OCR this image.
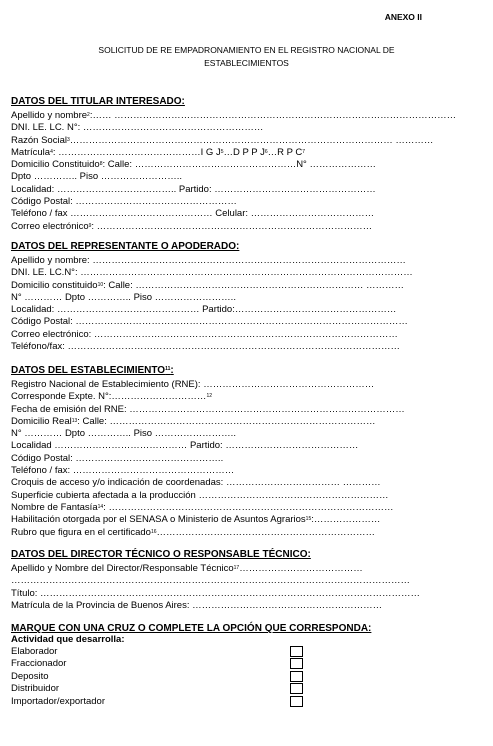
ANEXO II
SOLICITUD DE RE EMPADRONAMIENTO EN EL REGISTRO NACIONAL DE
ESTABLECIMIENTOS
DATOS DEL TITULAR INTERESADO:
Apellido y nombre$^2$:…… ………………………………………………………………………………………………
DNI. LE. LC. N°: …………………………………………………
Razón Social$^3$………………………………………………………………………………………… …………
Matrícula$^4$: ………………………………………I G $J^5\dots D$ P P $J^6\dots R$ P $C^7$
Domicilio Constituido$^8$: Calle: ……………………………………………N° …………………
Dpto ………….. Piso ……………………..
Localidad: ……………………………….. Partido: ……………………………………………
Código Postal: ……………………………………………
Teléfono / fax ……………………………………… Celular: …………………………………
Correo electrónico$^9$: ……………………………………………………………………………
DATOS DEL REPRESENTANTE O APODERADO:
Apellido y nombre: ………………………………………………………………………………………
DNI. LE. LC.N°: ……………………………………………………………………………………………
Domicilio constituido$^{10}$: Calle: ……………………………………………………………… …………
N° ………… Dpto ………….. Piso ……………………..
Localidad: ……………………………………… Partido:……………………………………………
Código Postal: ……………………………………………………………………………………………
Correo electrónico: ……………………………………………………………………………………
Teléfono/fax: ……………………………………………………………………………………………
DATOS DEL ESTABLECIMIENTO$^{11}$:
Registro Nacional de Establecimiento (RNE): ………………………………………………
Corresponde Expte. N°:…………………………$^{12}$
Fecha de emisión del RNE: ……………………………………………………………………………
Domicilio Real$^{13}$: Calle: …………………………………………………………………………
N° ………… Dpto ………….. Piso ……………………..
Localidad …………………………………… Partido: ……………………………………
Código Postal: ………………………………………..
Teléfono / fax: ……………………………………………
Croquis de acceso y/o indicación de coordenadas: ……………………………… …………
Superficie cubierta afectada a la producción ……………………………………………………
Nombre de Fantasía$^{14}$: ………………………………………………………………………………
Habilitación otorgada por el SENASA o Ministerio de Asuntos Agrarios$^{15}$:…………………
Rubro que figura en el certificado$^{16}$……………………………………………………………
DATOS DEL DIRECTOR TÉCNICO O RESPONSABLE TÉCNICO:
Apellido y Nombre del Director/Responsable Técnico$^{17}$…………………………………
………………………………………………………………………………………………………………
Título: …………………………………………………………………………………………………………
Matrícula de la Provincia de Buenos Aires: ……………………………………………………
MARQUE CON UNA CRUZ O COMPLETE LA OPCIÓN QUE CORRESPONDA:
Actividad que desarrolla:
Elaborador
Fraccionador
Deposito
Distribuidor
Importador/exportador
